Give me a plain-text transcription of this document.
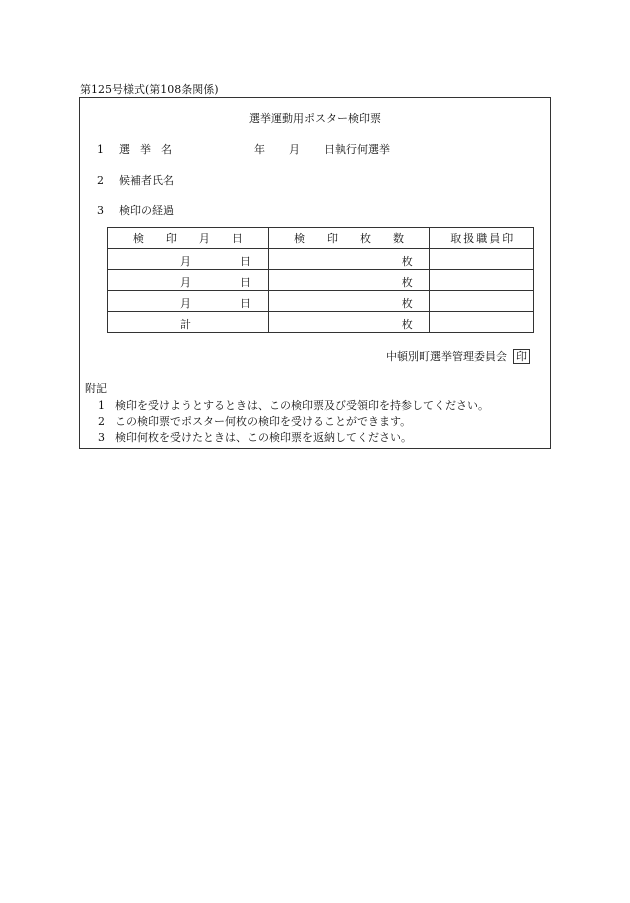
第125号様式(第108条関係)
選挙運動用ポスター検印票
1 選挙名	年 月 日執行何選挙
2 候補者氏名
3 検印の経過
検 印 月 日	検 印 枚 数	取 扱 職 員 印

月 日	枚	

月 日	枚	

月 日	枚	

計	枚	

中頓別町選挙管理委員会 印
附記
1 検印を受けようとするときは、この検印票及び受領印を持参してください。
2 この検印票でポスター何枚の検印を受けることができます。
3 検印何枚を受けたときは、この検印票を返納してください。
